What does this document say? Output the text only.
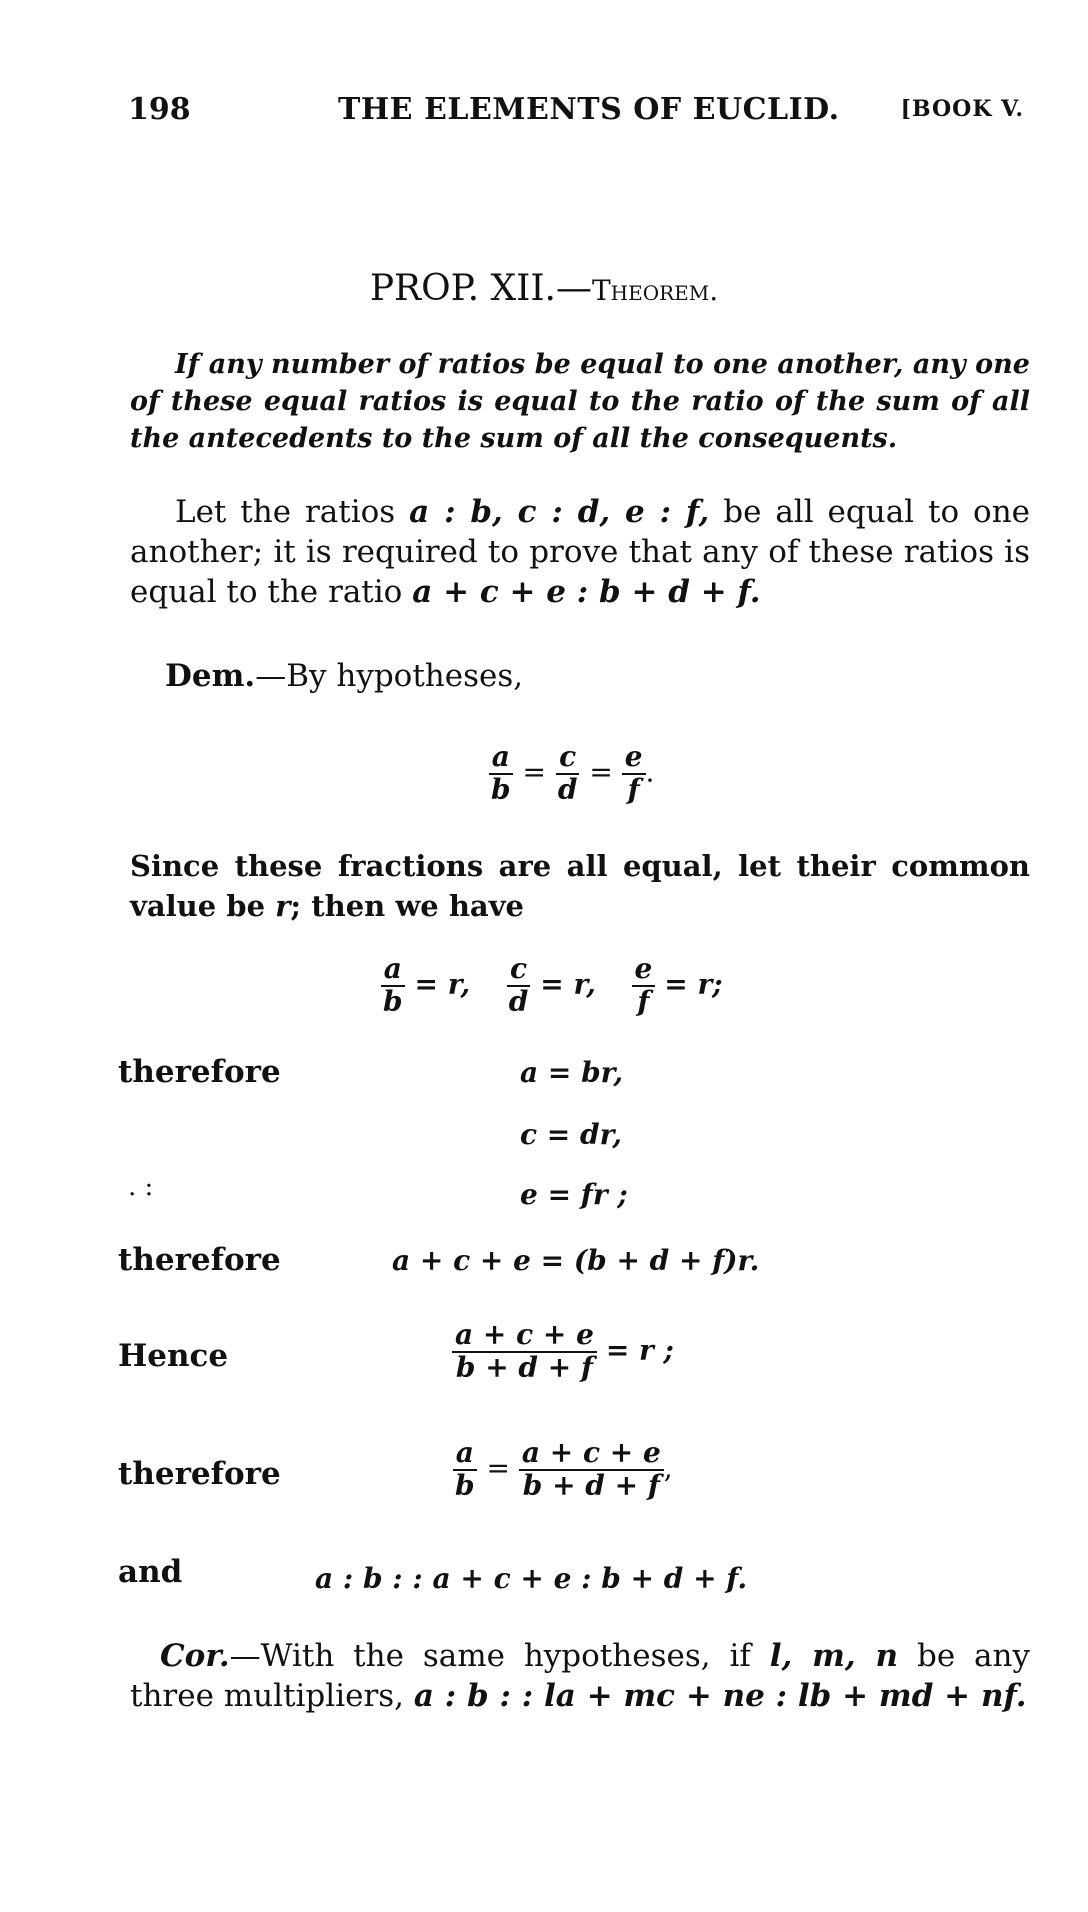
198	THE ELEMENTS OF EUCLID.	[BOOK V.
PROP. XII.—Theorem.
If any number of ratios be equal to one another, any one of these equal ratios is equal to the ratio of the sum of all the antecedents to the sum of all the consequents.
Let the ratios a : b, c : d, e : f, be all equal to one another; it is required to prove that any of these ratios is equal to the ratio a + c + e : b + d + f.
Dem.—By hypotheses,
$\frac{a}{b} = \frac{c}{d} = \frac{e}{f}$ .
Since these fractions are all equal, let their common value be r; then we have
$\frac{a}{b} = r$, $\frac{c}{d} = r$, $\frac{e}{f} = r$;
therefore	a = br,
c = dr,
. :	e = fr ;
therefore	a + c + e = (b + d + f)r.
Hence	$\frac{a + c + e}{b + d + f} = r$ ;
therefore	$\frac{a}{b} = \frac{a + c + e}{b + d + f}$ ,
and	a : b : : a + c + e : b + d + f.
Cor.—With the same hypotheses, if l, m, n be any three multipliers, a : b : : la + mc + ne : lb + md + nf.
